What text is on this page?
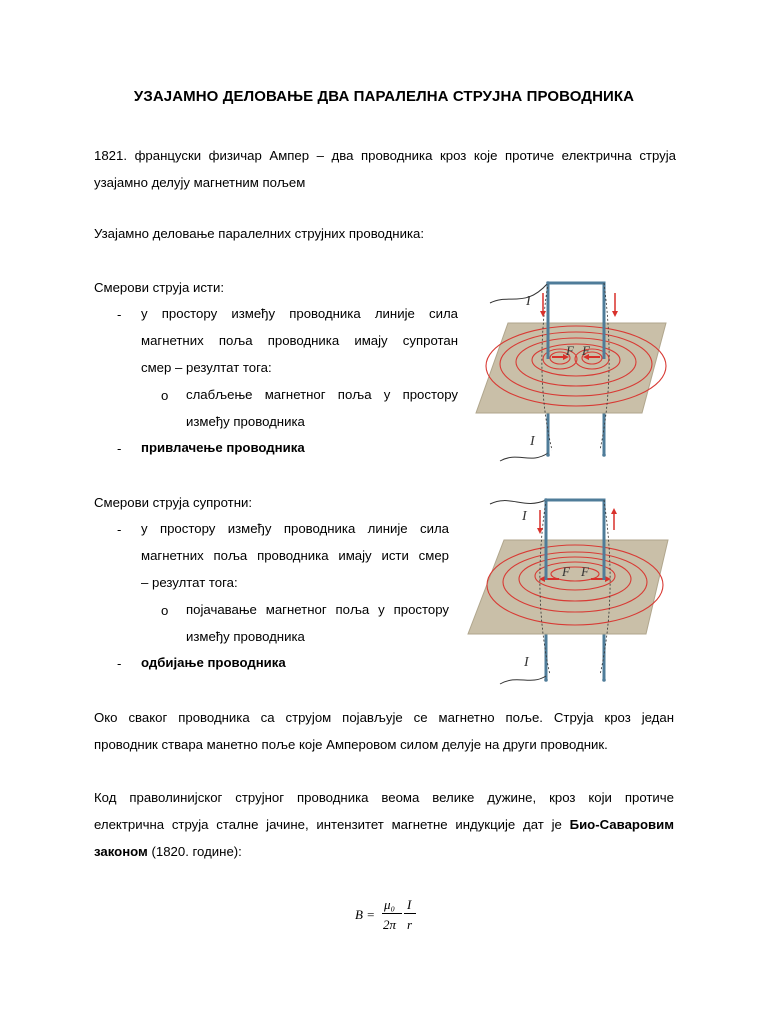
УЗАЈАМНО ДЕЛОВАЊЕ ДВА ПАРАЛЕЛНА СТРУЈНА ПРОВОДНИКА
1821. француски физичар Ампер – два проводника кроз које протиче електрична струја
узајамно делују магнетним пољем
Узајамно деловање паралелних струјних проводника:
Смерови струја исти:
- у простору између проводника линије сила
магнетних поља проводника имају супротан
смер – резултат тога:
o слабљење магнетног поља у простору
између проводника
- привлачење проводника
F F
I
I
Смерови струја супротни:
- у простору између проводника линије сила
магнетних поља проводника имају исти смер
– резултат тога:
o појачавање магнетног поља у простору
између проводника
- одбијање проводника
F F
I
I
Око сваког проводника са струјом појављује се магнетно поље. Струја кроз један
проводник ствара манетно поље које Амперовом силом делује на други проводник.
Код праволинијског струјног проводника веома велике дужине, кроз који протиче
електрична струја сталне јачине, интензитет магнетне индукције дат је Био-Саваровим
законом (1820. године):
B =
μ₀
2π
I
r
